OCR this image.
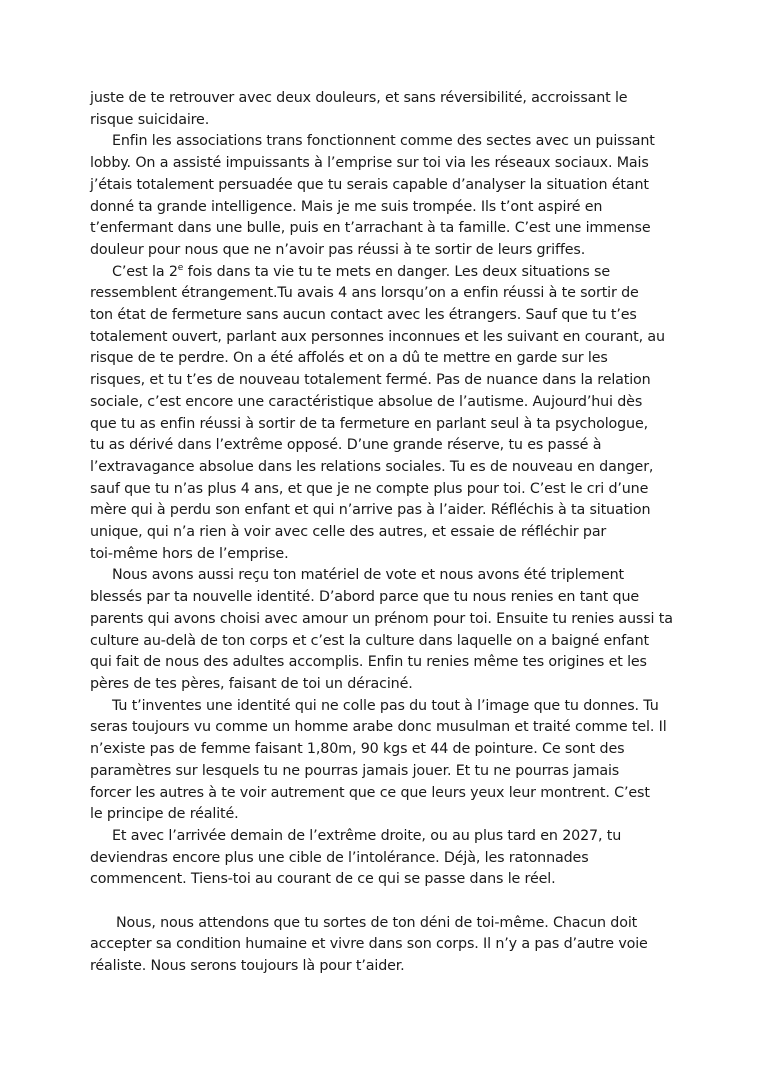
juste de te retrouver avec deux douleurs, et sans réversibilité, accroissant le
risque suicidaire.

Enfin les associations trans fonctionnent comme des sectes avec un puissant
lobby. On a assisté impuissants à l’emprise sur toi via les réseaux sociaux. Mais
j’étais totalement persuadée que tu serais capable d’analyser la situation étant
donné ta grande intelligence. Mais je me suis trompée. Ils t’ont aspiré en
t’enfermant dans une bulle, puis en t’arrachant à ta famille. C’est une immense
douleur pour nous que ne n’avoir pas réussi à te sortir de leurs griffes.

C’est la 2e fois dans ta vie tu te mets en danger. Les deux situations se
ressemblent étrangement.Tu avais 4 ans lorsqu’on a enfin réussi à te sortir de
ton état de fermeture sans aucun contact avec les étrangers. Sauf que tu t’es
totalement ouvert, parlant aux personnes inconnues et les suivant en courant, au
risque de te perdre. On a été affolés et on a dû te mettre en garde sur les
risques, et tu t’es de nouveau totalement fermé. Pas de nuance dans la relation
sociale, c’est encore une caractéristique absolue de l’autisme. Aujourd’hui dès
que tu as enfin réussi à sortir de ta fermeture en parlant seul à ta psychologue,
tu as dérivé dans l’extrême opposé. D’une grande réserve, tu es passé à
l’extravagance absolue dans les relations sociales. Tu es de nouveau en danger,
sauf que tu n’as plus 4 ans, et que je ne compte plus pour toi. C’est le cri d’une
mère qui à perdu son enfant et qui n’arrive pas à l’aider. Réfléchis à ta situation
unique, qui n’a rien à voir avec celle des autres, et essaie de réfléchir par
toi-même hors de l’emprise.

Nous avons aussi reçu ton matériel de vote et nous avons été triplement
blessés par ta nouvelle identité. D’abord parce que tu nous renies en tant que
parents qui avons choisi avec amour un prénom pour toi. Ensuite tu renies aussi ta
culture au-delà de ton corps et c’est la culture dans laquelle on a baigné enfant
qui fait de nous des adultes accomplis. Enfin tu renies même tes origines et les
pères de tes pères, faisant de toi un déraciné.

Tu t’inventes une identité qui ne colle pas du tout à l’image que tu donnes. Tu
seras toujours vu comme un homme arabe donc musulman et traité comme tel. Il
n’existe pas de femme faisant 1,80m, 90 kgs et 44 de pointure. Ce sont des
paramètres sur lesquels tu ne pourras jamais jouer. Et tu ne pourras jamais
forcer les autres à te voir autrement que ce que leurs yeux leur montrent. C’est
le principe de réalité.

Et avec l’arrivée demain de l’extrême droite, ou au plus tard en 2027, tu
deviendras encore plus une cible de l’intolérance. Déjà, les ratonnades
commencent. Tiens-toi au courant de ce qui se passe dans le réel.

Nous, nous attendons que tu sortes de ton déni de toi-même. Chacun doit
accepter sa condition humaine et vivre dans son corps. Il n’y a pas d’autre voie
réaliste. Nous serons toujours là pour t’aider.
